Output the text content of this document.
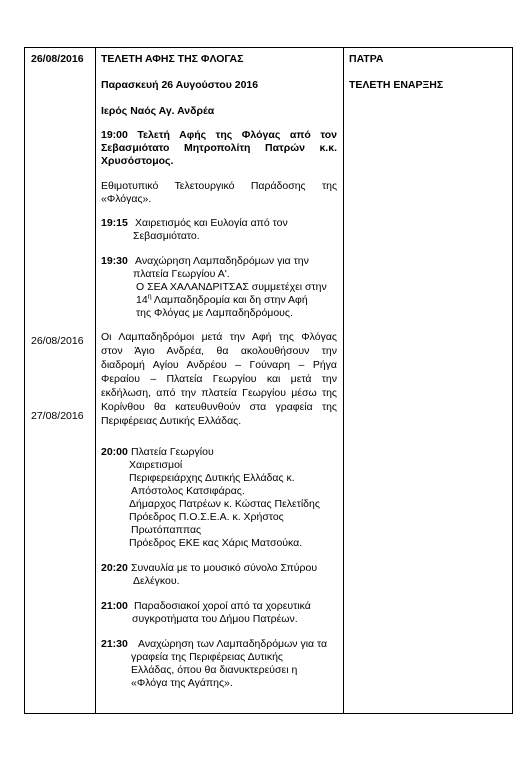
26/08/2016
26/08/2016
27/08/2016
ΠΑΤΡΑ
ΤΕΛΕΤΗ ΕΝΑΡΞΗΣ
ΤΕΛΕΤΗ ΑΦΗΣ ΤΗΣ ΦΛΟΓΑΣ
Παρασκευή 26 Αυγούστου 2016
Ιερός Ναός Αγ. Ανδρέα
19:00 Τελετή Αφής της Φλόγας από τον
Σεβασμιότατο Μητροπολίτη Πατρών κ.κ.
Χρυσόστομος.
Εθιμοτυπικό Τελετουργικό Παράδοσης της
«Φλόγας».
19:15 Χαιρετισμός και Ευλογία από τον
Σεβασμιότατο.
19:30 Αναχώρηση Λαμπαδηδρόμων για την
πλατεία Γεωργίου Α'.
Ο ΣΕΑ ΧΑΛΑΝΔΡΙΤΣΑΣ συμμετέχει στην
$14^\eta$ Λαμπαδηδρομία και δη στην Αφή
της Φλόγας με Λαμπαδηδρόμους.
Οι Λαμπαδηδρόμοι μετά την Αφή της Φλόγας
στον Άγιο Ανδρέα, θα ακολουθήσουν την
διαδρομή Αγίου Ανδρέου – Γούναρη – Ρήγα
Φεραίου – Πλατεία Γεωργίου και μετά την
εκδήλωση, από την πλατεία Γεωργίου μέσω της
Κορίνθου θα κατευθυνθούν στα γραφεία της
Περιφέρειας Δυτικής Ελλάδας.
20:00 Πλατεία Γεωργίου
Χαιρετισμοί
Περιφερειάρχης Δυτικής Ελλάδας κ.
Απόστολος Κατσιφάρας.
Δήμαρχος Πατρέων κ. Κώστας Πελετίδης
Πρόεδρος Π.Ο.Σ.Ε.Α. κ. Χρήστος
Πρωτόπαππας
Πρόεδρος ΕΚΕ κας Χάρις Ματσούκα.
20:20 Συναυλία με το μουσικό σύνολο Σπύρου
Δελέγκου.
21:00 Παραδοσιακοί χοροί από τα χορευτικά
συγκροτήματα του Δήμου Πατρέων.
21:30 Αναχώρηση των Λαμπαδηδρόμων για τα
γραφεία της Περιφέρειας Δυτικής
Ελλάδας, όπου θα διανυκτερεύσει η
«Φλόγα της Αγάπης».
